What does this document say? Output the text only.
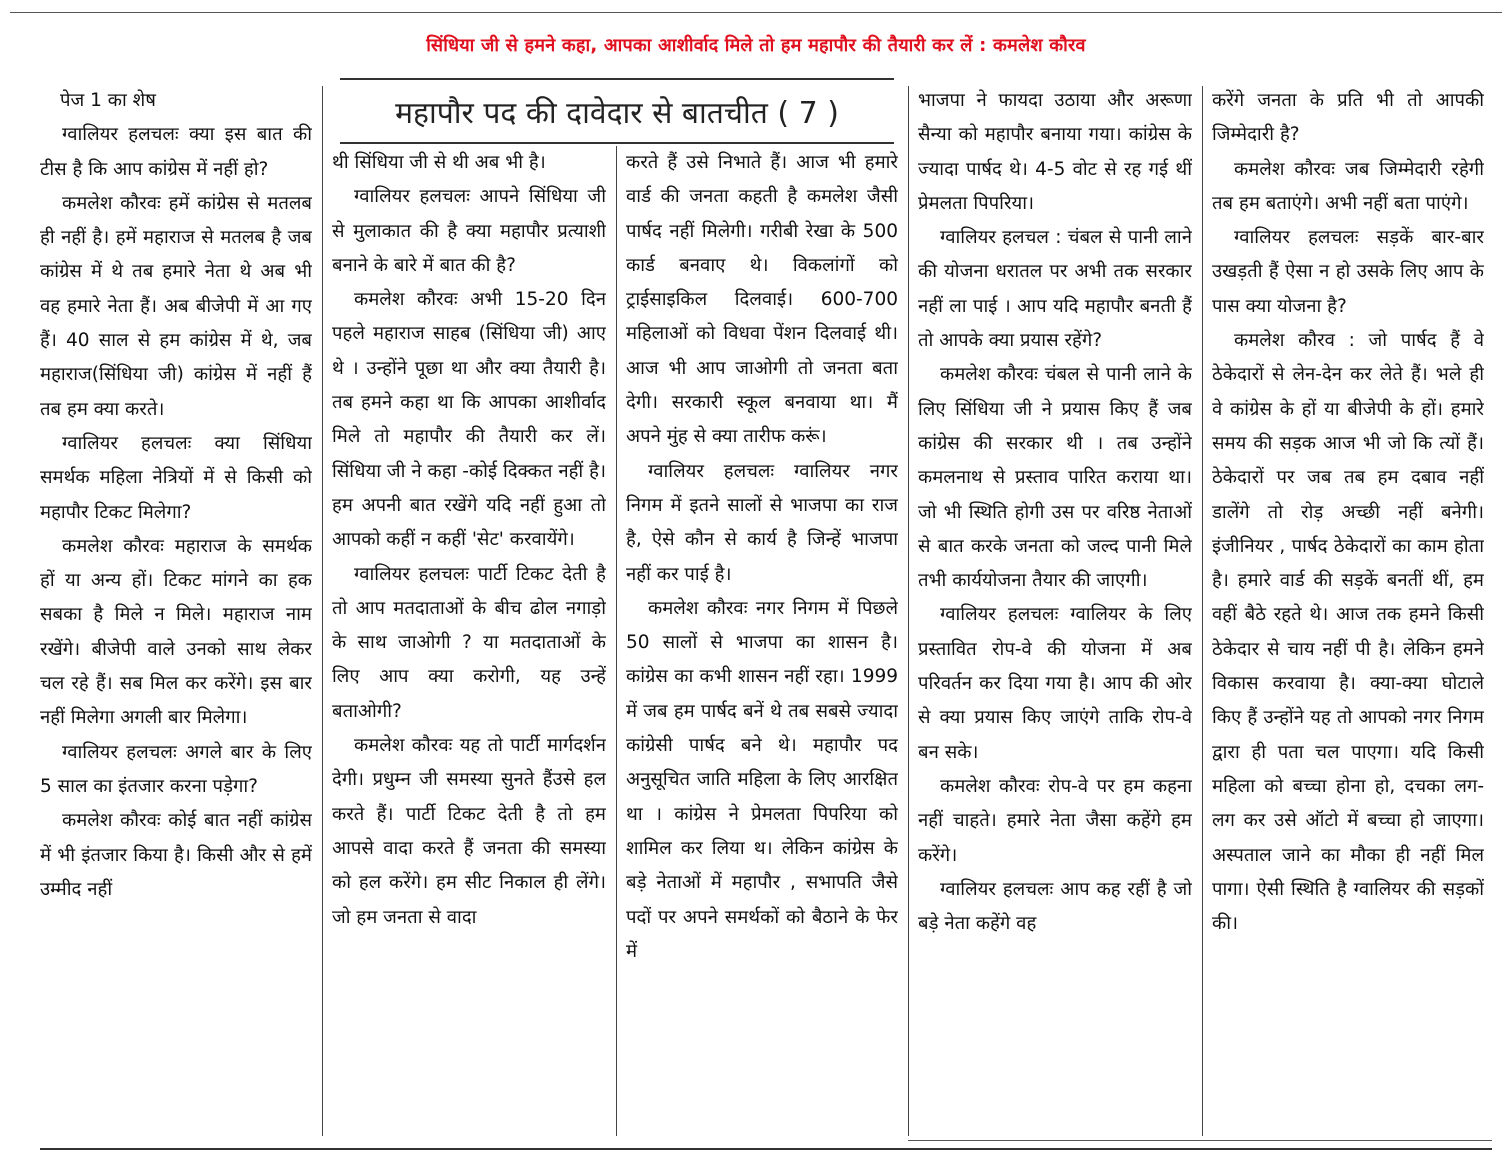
सिंधिया जी से हमने कहा, आपका आशीर्वाद मिले तो हम महापौर की तैयारी कर लें : कमलेश कौरव
महापौर पद की दावेदार से बातचीत ( 7 )

पेज 1 का शेष

ग्वालियर हलचलः क्या इस बात की टीस है कि आप कांग्रेस में नहीं हो?

कमलेश कौरवः हमें कांग्रेस से मतलब ही नहीं है। हमें महाराज से मतलब है जब कांग्रेस में थे तब हमारे नेता थे अब भी वह हमारे नेता हैं। अब बीजेपी में आ गए हैं। 40 साल से हम कांग्रेस में थे, जब महाराज(सिंधिया जी) कांग्रेस में नहीं हैं तब हम क्या करते।

ग्वालियर हलचलः क्या सिंधिया समर्थक महिला नेत्रियों में से किसी को महापौर टिकट मिलेगा?

कमलेश कौरवः महाराज के समर्थक हों या अन्य हों। टिकट मांगने का हक सबका है मिले न मिले। महाराज नाम रखेंगे। बीजेपी वाले उनको साथ लेकर चल रहे हैं। सब मिल कर करेंगे। इस बार नहीं मिलेगा अगली बार मिलेगा।

ग्वालियर हलचलः अगले बार के लिए 5 साल का इंतजार करना पड़ेगा?

कमलेश कौरवः कोई बात नहीं कांग्रेस में भी इंतजार किया है। किसी और से हमें उम्मीद नहीं

थी सिंधिया जी से थी अब भी है।

ग्वालियर हलचलः आपने सिंधिया जी से मुलाकात की है क्या महापौर प्रत्याशी बनाने के बारे में बात की है?

कमलेश कौरवः अभी 15-20 दिन पहले महाराज साहब (सिंधिया जी) आए थे । उन्होंने पूछा था और क्या तैयारी है। तब हमने कहा था कि आपका आशीर्वाद मिले तो महापौर की तैयारी कर लें। सिंधिया जी ने कहा -कोई दिक्कत नहीं है। हम अपनी बात रखेंगे यदि नहीं हुआ तो आपको कहीं न कहीं 'सेट' करवायेंगे।

ग्वालियर हलचलः पार्टी टिकट देती है तो आप मतदाताओं के बीच ढोल नगाड़ो के साथ जाओगी ? या मतदाताओं के लिए आप क्या करोगी, यह उन्हें बताओगी?

कमलेश कौरवः यह तो पार्टी मार्गदर्शन देगी। प्रधुम्न जी समस्या सुनते हैंउसे हल करते हैं। पार्टी टिकट देती है तो हम आपसे वादा करते हैं जनता की समस्या को हल करेंगे। हम सीट निकाल ही लेंगे। जो हम जनता से वादा

करते हैं उसे निभाते हैं। आज भी हमारे वार्ड की जनता कहती है कमलेश जैसी पार्षद नहीं मिलेगी। गरीबी रेखा के 500 कार्ड बनवाए थे। विकलांगों को ट्राईसाइकिल दिलवाई। 600-700 महिलाओं को विधवा पेंशन दिलवाई थी। आज भी आप जाओगी तो जनता बता देगी। सरकारी स्कूल बनवाया था। मैं अपने मुंह से क्या तारीफ करूं।

ग्वालियर हलचलः ग्वालियर नगर निगम में इतने सालों से भाजपा का राज है, ऐसे कौन से कार्य है जिन्हें भाजपा नहीं कर पाई है।

कमलेश कौरवः नगर निगम में पिछले 50 सालों से भाजपा का शासन है। कांग्रेस का कभी शासन नहीं रहा। 1999 में जब हम पार्षद बनें थे तब सबसे ज्यादा कांग्रेसी पार्षद बने थे। महापौर पद अनुसूचित जाति महिला के लिए आरक्षित था । कांग्रेस ने प्रेमलता पिपरिया को शामिल कर लिया थ। लेकिन कांग्रेस के बड़े नेताओं में महापौर , सभापति जैसे पदों पर अपने समर्थकों को बैठाने के फेर में

भाजपा ने फायदा उठाया और अरूणा सैन्या को महापौर बनाया गया। कांग्रेस के ज्यादा पार्षद थे। 4-5 वोट से रह गई थीं प्रेमलता पिपरिया।

ग्वालियर हलचल : चंबल से पानी लाने की योजना धरातल पर अभी तक सरकार नहीं ला पाई । आप यदि महापौर बनती हैं तो आपके क्या प्रयास रहेंगे?

कमलेश कौरवः चंबल से पानी लाने के लिए सिंधिया जी ने प्रयास किए हैं जब कांग्रेस की सरकार थी । तब उन्होंने कमलनाथ से प्रस्ताव पारित कराया था। जो भी स्थिति होगी उस पर वरिष्ठ नेताओं से बात करके जनता को जल्द पानी मिले तभी कार्ययोजना तैयार की जाएगी।

ग्वालियर हलचलः ग्वालियर के लिए प्रस्तावित रोप-वे की योजना में अब परिवर्तन कर दिया गया है। आप की ओर से क्या प्रयास किए जाएंगे ताकि रोप-वे बन सके।

कमलेश कौरवः रोप-वे पर हम कहना नहीं चाहते। हमारे नेता जैसा कहेंगे हम करेंगे।

ग्वालियर हलचलः आप कह रहीं है जो बड़े नेता कहेंगे वह

करेंगे जनता के प्रति भी तो आपकी जिम्मेदारी है?

कमलेश कौरवः जब जिम्मेदारी रहेगी तब हम बताएंगे। अभी नहीं बता पाएंगे।

ग्वालियर हलचलः सड़कें बार-बार उखड़ती हैं ऐसा न हो उसके लिए आप के पास क्या योजना है?

कमलेश कौरव : जो पार्षद हैं वे ठेकेदारों से लेन-देन कर लेते हैं। भले ही वे कांग्रेस के हों या बीजेपी के हों। हमारे समय की सड़क आज भी जो कि त्यों हैं। ठेकेदारों पर जब तब हम दबाव नहीं डालेंगे तो रोड़ अच्छी नहीं बनेगी। इंजीनियर , पार्षद ठेकेदारों का काम होता है। हमारे वार्ड की सड़कें बनतीं थीं, हम वहीं बैठे रहते थे। आज तक हमने किसी ठेकेदार से चाय नहीं पी है। लेकिन हमने विकास करवाया है। क्या-क्या घोटाले किए हैं उन्होंने यह तो आपको नगर निगम द्वारा ही पता चल पाएगा। यदि किसी महिला को बच्चा होना हो, दचका लग-लग कर उसे ऑटो में बच्चा हो जाएगा। अस्पताल जाने का मौका ही नहीं मिल पागा। ऐसी स्थिति है ग्वालियर की सड़कों की।
